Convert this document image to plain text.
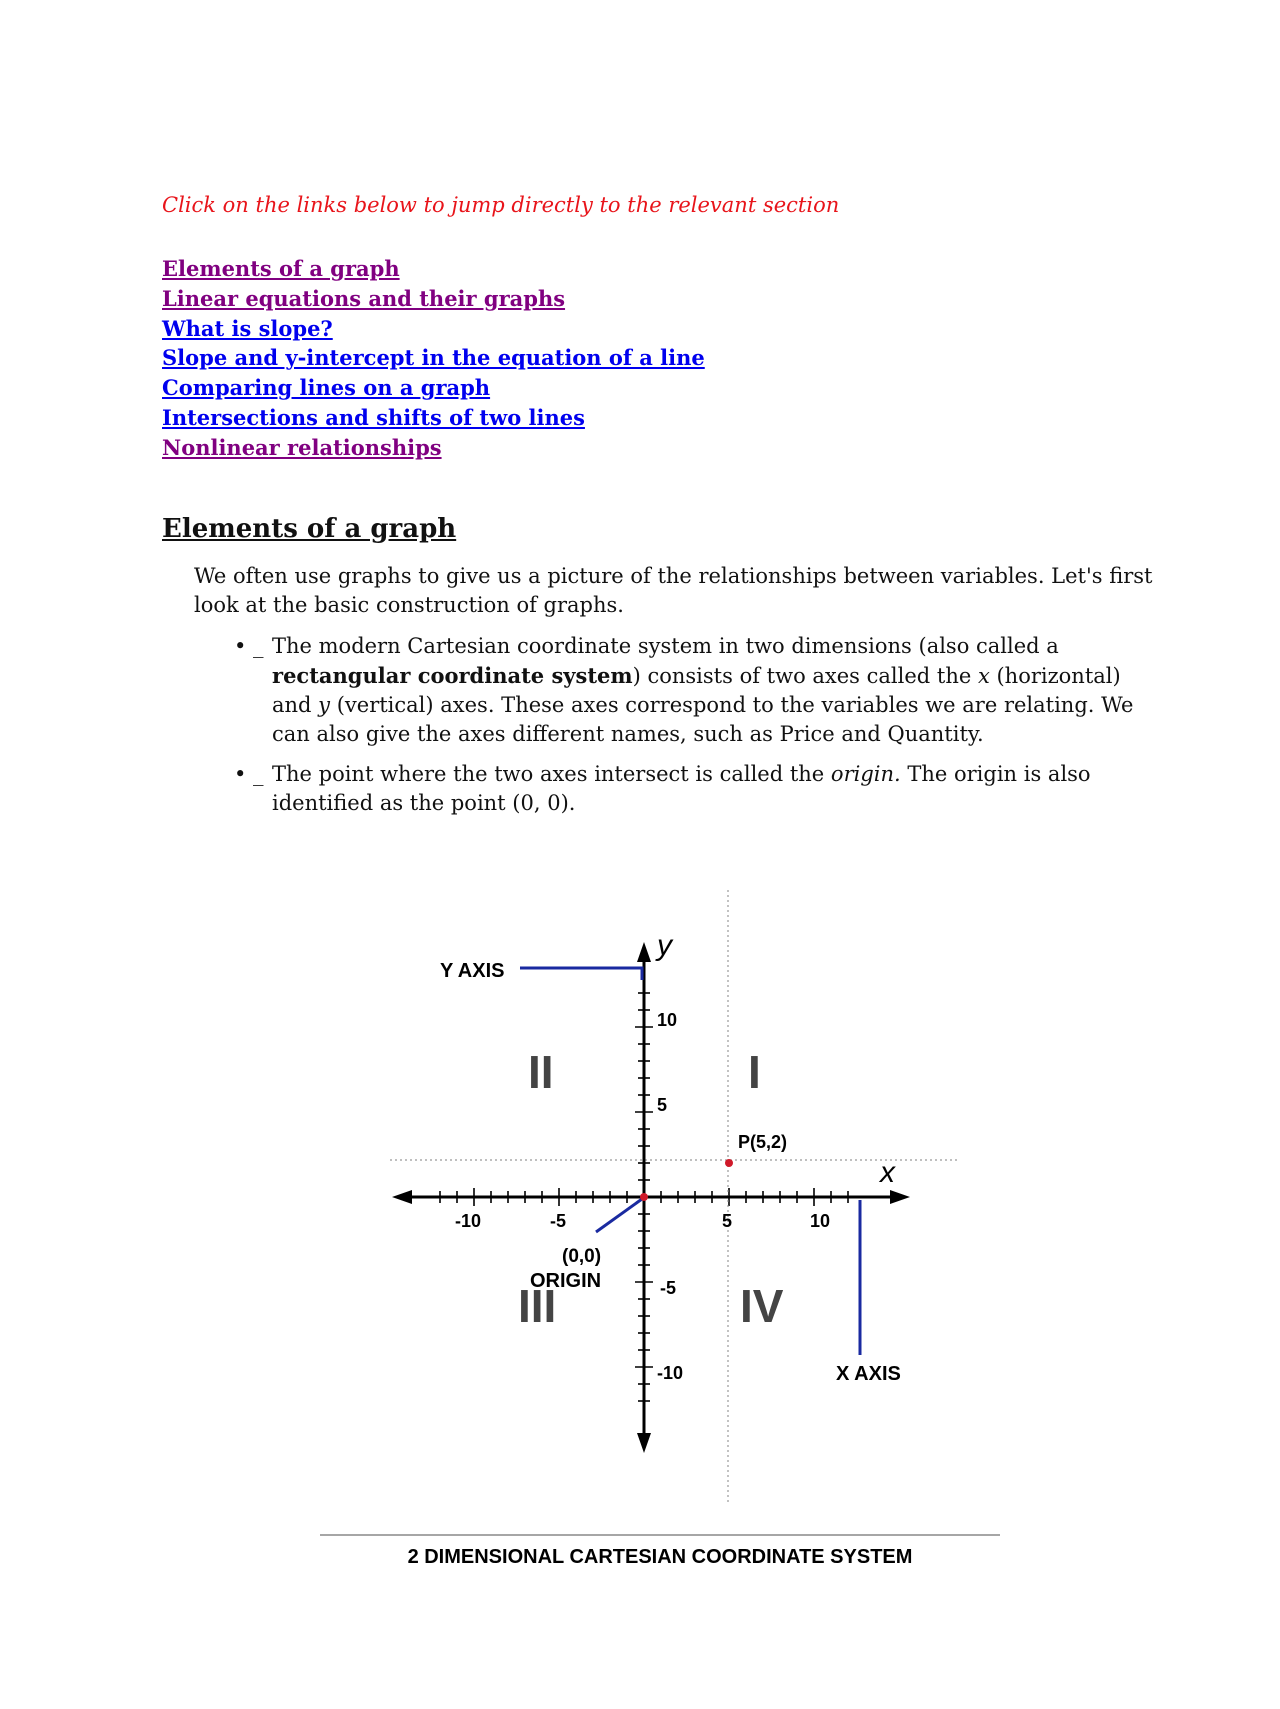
Click on the links below to jump directly to the relevant section
Elements of a graph
Linear equations and their graphs
What is slope?
Slope and y-intercept in the equation of a line
Comparing lines on a graph
Intersections and shifts of two lines
Nonlinear relationships
Elements of a graph

We often use graphs to give us a picture of the relationships between variables. Let's first look at the basic construction of graphs.

• _ The modern Cartesian coordinate system in two dimensions (also called a rectangular coordinate system) consists of two axes called the x (horizontal) and y (vertical) axes. These axes correspond to the variables we are relating. We can also give the axes different names, such as Price and Quantity.
• _ The point where the two axes intersect is called the origin. The origin is also identified as the point (0, 0).
Y AXIS
X AXIS
y
x
II	I
III	IV
-10	-5	5	10
10
5
-5
-10
(0,0)
ORIGIN
P(5,2)
2 DIMENSIONAL CARTESIAN COORDINATE SYSTEM
